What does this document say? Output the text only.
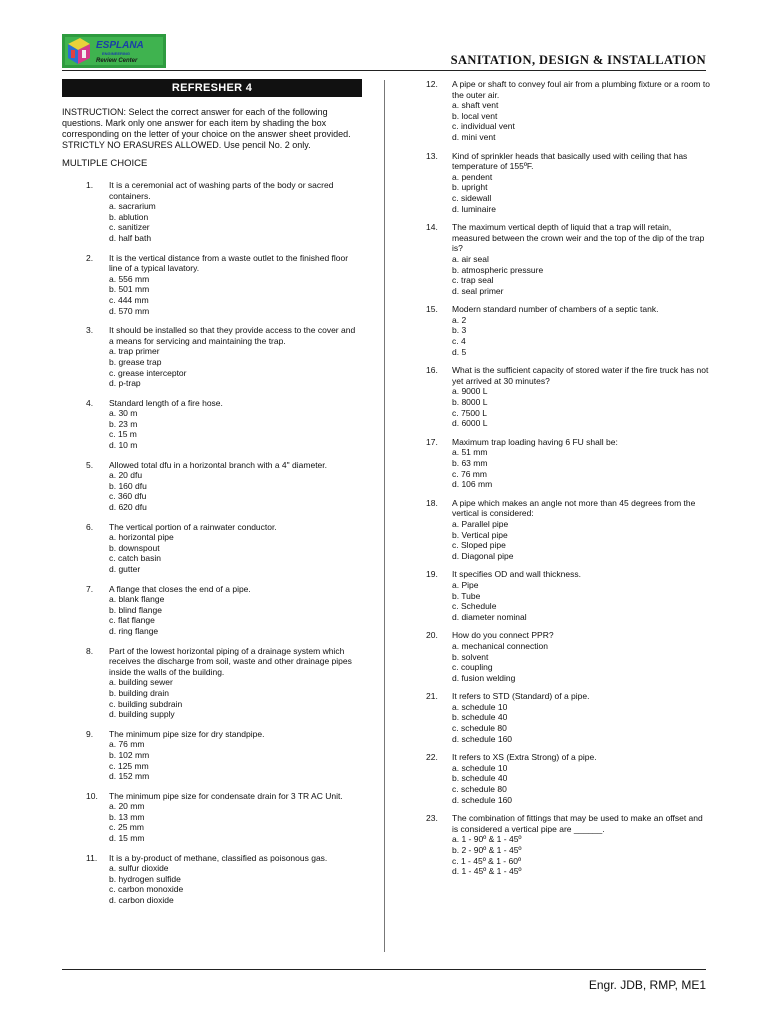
ESPLANA
ENGINEERING
Review Center	SANITATION, DESIGN & INSTALLATION
REFRESHER 4
INSTRUCTION: Select the correct answer for each of the following questions. Mark only one answer for each item by shading the box corresponding on the letter of your choice on the answer sheet provided. STRICTLY NO ERASURES ALLOWED. Use pencil No. 2 only.
MULTIPLE CHOICE
1.	It is a ceremonial act of washing parts of the body or sacred containers.
a. sacrarium
b. ablution
c. sanitizer
d. half bath
2.	It is the vertical distance from a waste outlet to the finished floor line of a typical lavatory.
a. 556 mm
b. 501 mm
c. 444 mm
d. 570 mm
3.	It should be installed so that they provide access to the cover and a means for servicing and maintaining the trap.
a. trap primer
b. grease trap
c. grease interceptor
d. p-trap
4.	Standard length of a fire hose.
a. 30 m
b. 23 m
c. 15 m
d. 10 m
5.	Allowed total dfu in a horizontal branch with a 4" diameter.
a. 20 dfu
b. 160 dfu
c. 360 dfu
d. 620 dfu
6.	The vertical portion of a rainwater conductor.
a. horizontal pipe
b. downspout
c. catch basin
d. gutter
7.	A flange that closes the end of a pipe.
a. blank flange
b. blind flange
c. flat flange
d. ring flange
8.	Part of the lowest horizontal piping of a drainage system which receives the discharge from soil, waste and other drainage pipes inside the walls of the building.
a. building sewer
b. building drain
c. building subdrain
d. building supply
9.	The minimum pipe size for dry standpipe.
a. 76 mm
b. 102 mm
c. 125 mm
d. 152 mm
10.	The minimum pipe size for condensate drain for 3 TR AC Unit.
a. 20 mm
b. 13 mm
c. 25 mm
d. 15 mm
11.	It is a by-product of methane, classified as poisonous gas.
a. sulfur dioxide
b. hydrogen sulfide
c. carbon monoxide
d. carbon dioxide
12.	A pipe or shaft to convey foul air from a plumbing fixture or a room to the outer air.
a. shaft vent
b. local vent
c. individual vent
d. mini vent
13.	Kind of sprinkler heads that basically used with ceiling that has temperature of 155ºF.
a. pendent
b. upright
c. sidewall
d. luminaire
14.	The maximum vertical depth of liquid that a trap will retain, measured between the crown weir and the top of the dip of the trap is?
a. air seal
b. atmospheric pressure
c. trap seal
d. seal primer
15.	Modern standard number of chambers of a septic tank.
a. 2
b. 3
c. 4
d. 5
16.	What is the sufficient capacity of stored water if the fire truck has not yet arrived at 30 minutes?
a. 9000 L
b. 8000 L
c. 7500 L
d. 6000 L
17.	Maximum trap loading having 6 FU shall be:
a. 51 mm
b. 63 mm
c. 76 mm
d. 106 mm
18.	A pipe which makes an angle not more than 45 degrees from the vertical is considered:
a. Parallel pipe
b. Vertical pipe
c. Sloped pipe
d. Diagonal pipe
19.	It specifies OD and wall thickness.
a. Pipe
b. Tube
c. Schedule
d. diameter nominal
20.	How do you connect PPR?
a. mechanical connection
b. solvent
c. coupling
d. fusion welding
21.	It refers to STD (Standard) of a pipe.
a. schedule 10
b. schedule 40
c. schedule 80
d. schedule 160
22.	It refers to XS (Extra Strong) of a pipe.
a. schedule 10
b. schedule 40
c. schedule 80
d. schedule 160
23.	The combination of fittings that may be used to make an offset and is considered a vertical pipe are ______.
a. 1 - 90º & 1 - 45º
b. 2 - 90º & 1 - 45º
c. 1 - 45º & 1 - 60º
d. 1 - 45º & 1 - 45º
Engr. JDB, RMP, ME1
